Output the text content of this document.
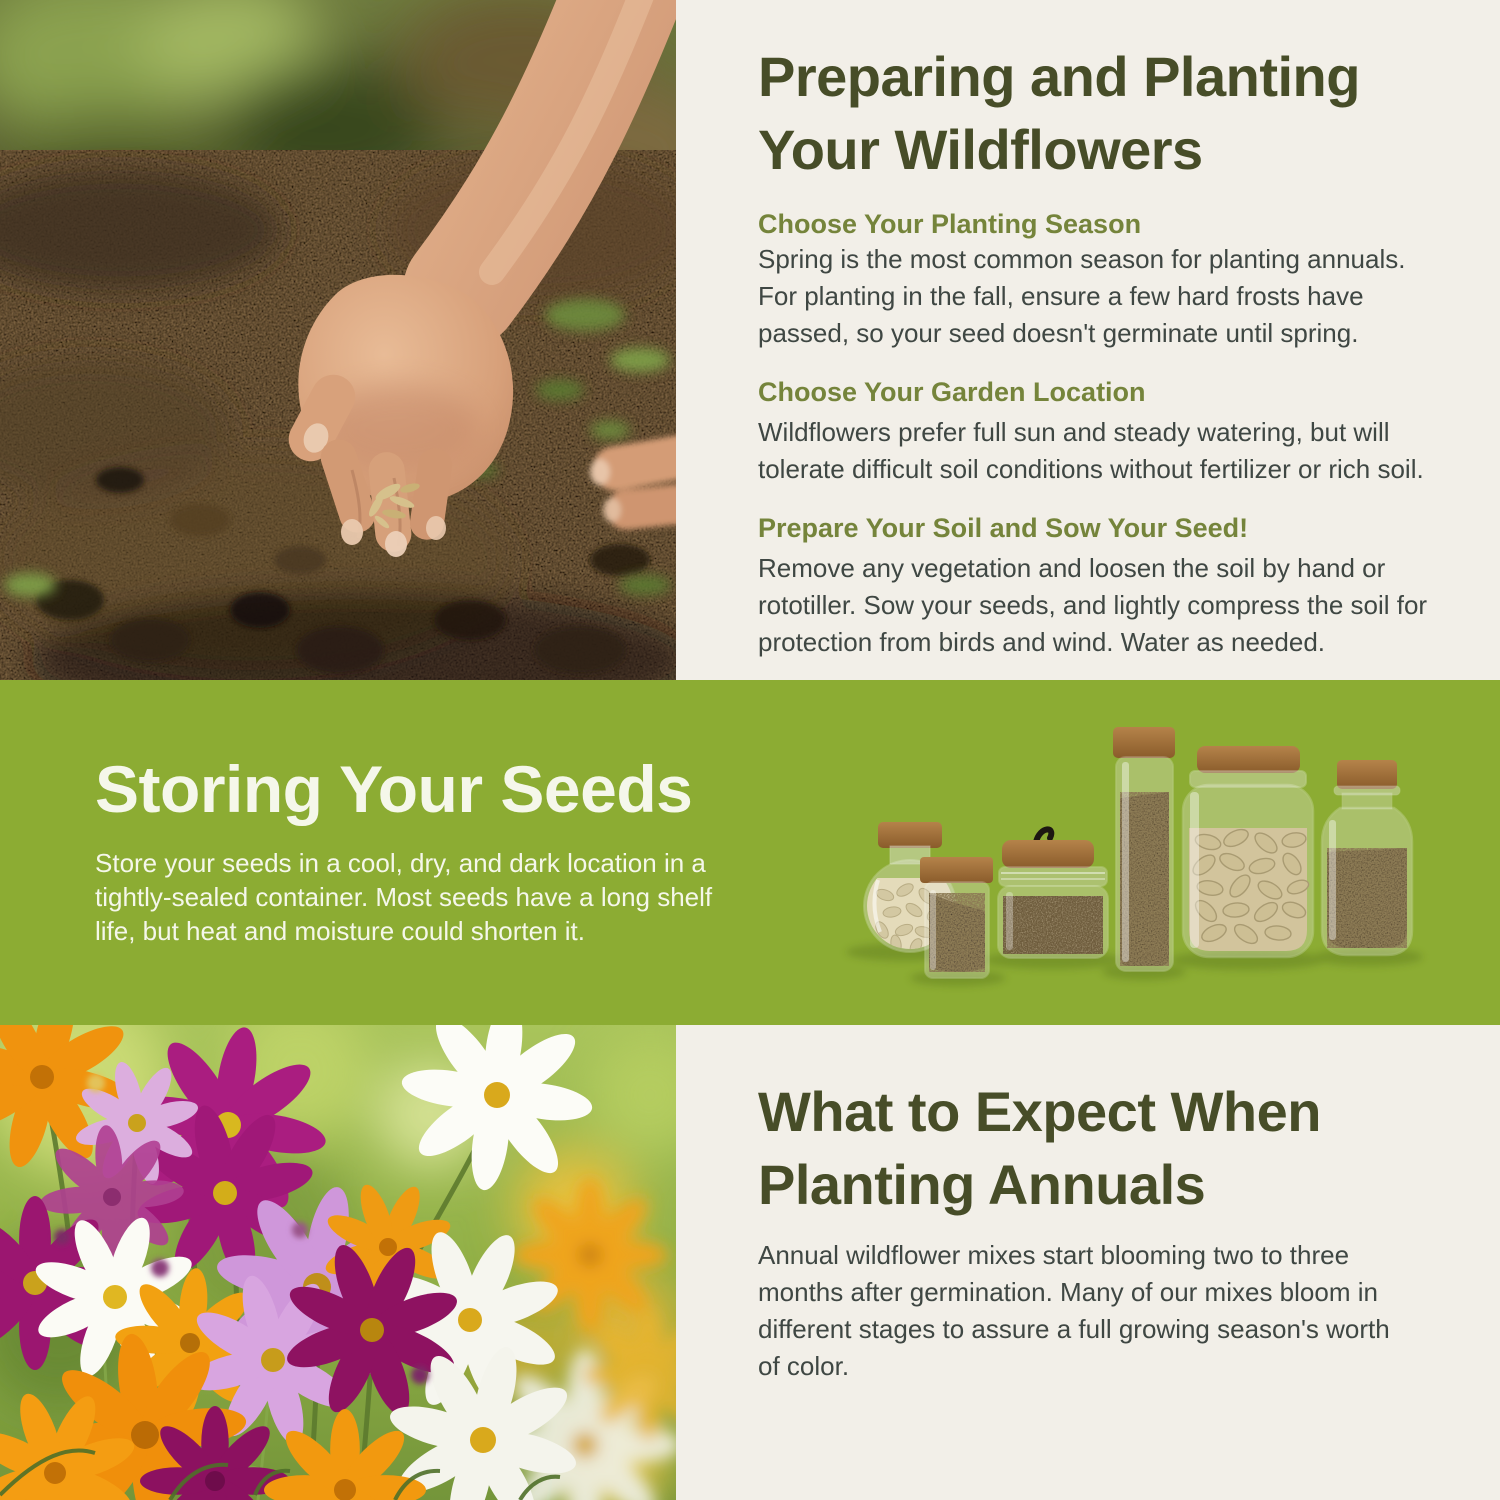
Preparing and Planting
Your Wildflowers

Choose Your Planting Season

Spring is the most common season for planting annuals.
For planting in the fall, ensure a few hard frosts have
passed, so your seed doesn't germinate until spring.

Choose Your Garden Location

Wildflowers prefer full sun and steady watering, but will
tolerate difficult soil conditions without fertilizer or rich soil.

Prepare Your Soil and Sow Your Seed!

Remove any vegetation and loosen the soil by hand or
rototiller. Sow your seeds, and lightly compress the soil for
protection from birds and wind. Water as needed.

Storing Your Seeds

Store your seeds in a cool, dry, and dark location in a
tightly-sealed container. Most seeds have a long shelf
life, but heat and moisture could shorten it.

What to Expect When
Planting Annuals

Annual wildflower mixes start blooming two to three
months after germination. Many of our mixes bloom in
different stages to assure a full growing season's worth
of color.
